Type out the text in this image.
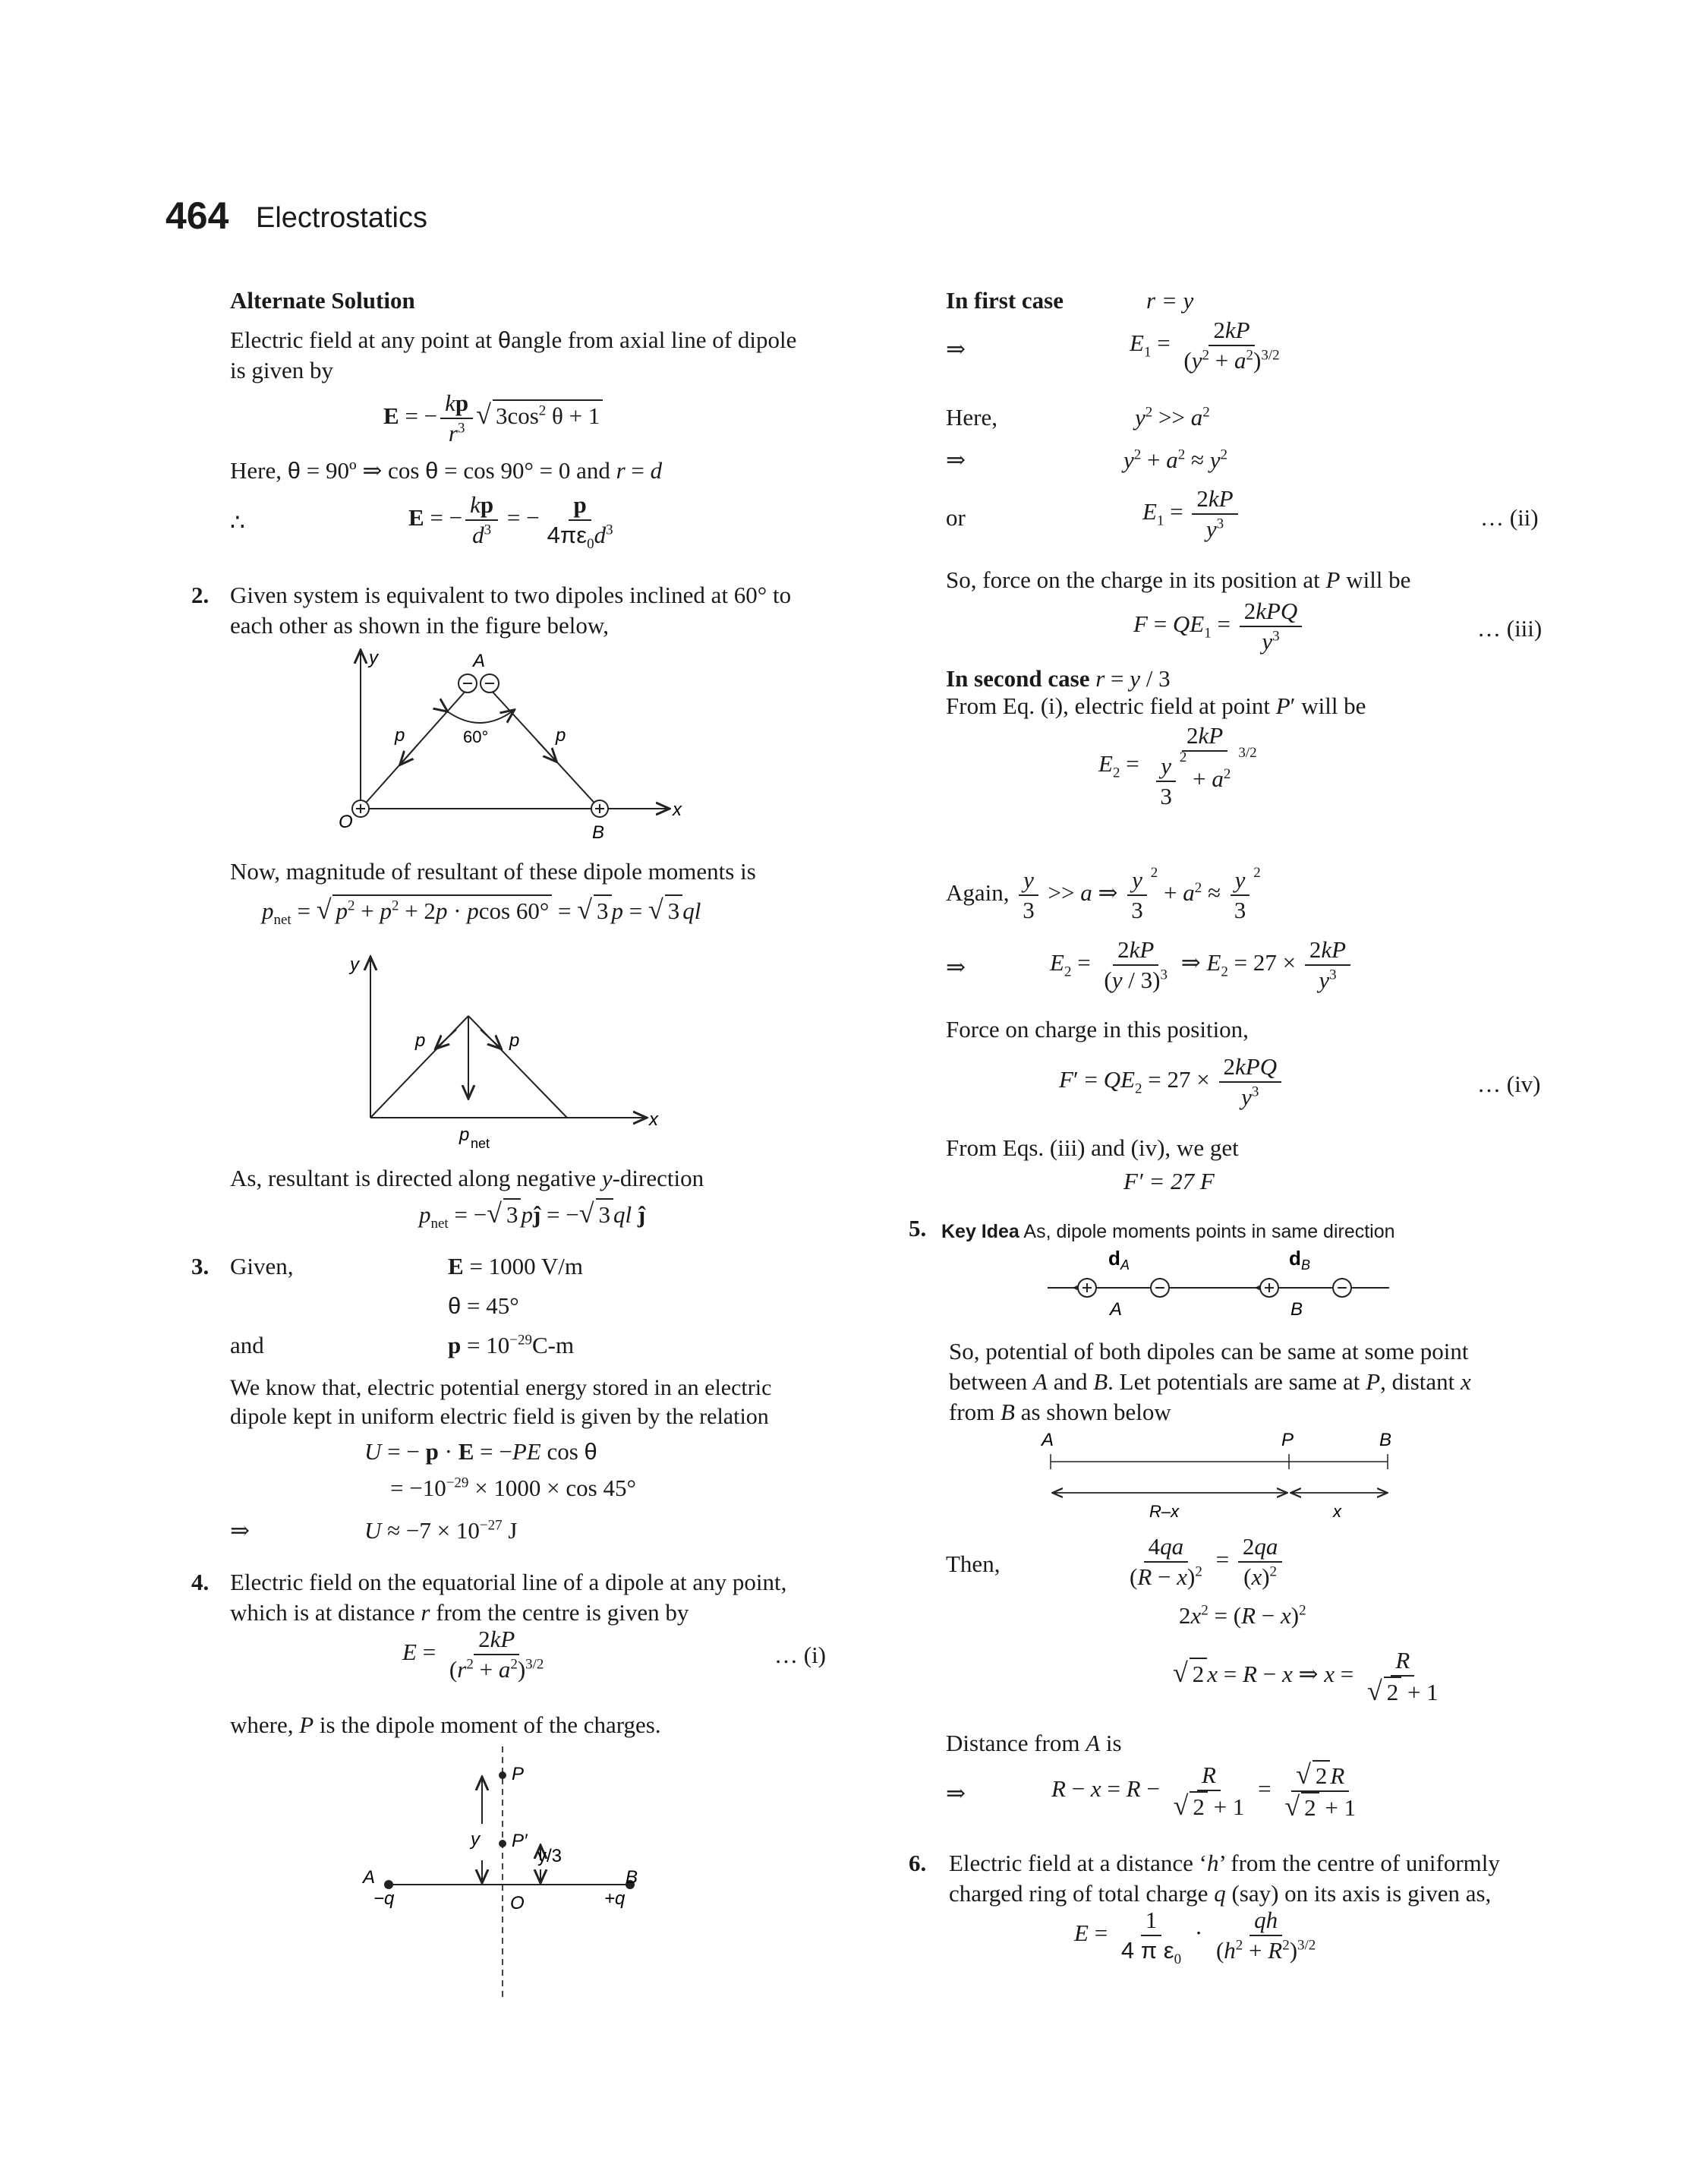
464 Electrostatics
Alternate Solution
Electric field at any point at θangle from axial line of dipole
is given by
E = − $\frac{kp}{r^3}$ √ $3\cos^2$ θ + 1
Here, θ = 90º ⇒ cos θ = cos 90° = 0 and r = d
∴	E = − $\frac{kp}{d^3}$ = − $\frac{p}{4\pi\varepsilon_0d^3}$
2. Given system is equivalent to two dipoles inclined at 60° to
each other as shown in the figure below,
y
x
A
60°
p	p
O
B
Now, magnitude of resultant of these dipole moments is
$p_{net}$ = √ $p^2 + p^2 + 2p \cdot pcos$ 60° = √ 3 p = √ 3 ql
y
x
p	p
p net
As, resultant is directed along negative y-direction
$p_{net}$ = −√ 3 pĵ = −√ 3 ql ĵ
3. Given,	E = 1000 V/m
θ = 45°
and	$p = 10^{-29}C-m$
We know that, electric potential energy stored in an electric
dipole kept in uniform electric field is given by the relation
U = − p · E = −PE cos θ
= $-10^{-29} \times 1000 \times \cos 45^\circ$
⇒	$U \approx -7 \times 10^{-27}$ J
4. Electric field on the equatorial line of a dipole at any point,
which is at distance r from the centre is given by
$E = \frac{2kP}{(r^2 + a^2)^{3/2}}$	… (i)
where, P is the dipole moment of the charges.
P
y P′
y/3
A
−q	O
B
+q
In first case	r = y
⇒	$E_1 = \frac{2kP}{(y^2 + a^2)^{3/2}}$
Here,	$y^2 >> a^2$
⇒	$y^2 + a^2 \approx y^2$
or	$E_1 = \frac{2kP}{y^3}$	… (ii)
So, force on the charge in its position at P will be
$F = QE_1 = \frac{\text{2kPQ}}{y^3}$	… (iii)
In second case r = y / 3
From Eq. (i), electric field at point P′ will be
$E_2 = \frac{2kP}{\frac{y}{3} ^2 + a^{23/2}}$
Again, $\frac{y}{3} >> a$ ⇒ $\frac{y}{3} ^2 + a^2 \approx \frac{y}{3} ^2$
⇒	$E_2 = \frac{2kP}{(y / 3)^3}$ ⇒ $E_2 = 27 \times \frac{2kP}{y^3}$
Force on charge in this position,
$F' = QE_2 = 27 \times \frac{\text{2kPQ}}{y^3}$	… (iv)
From Eqs. (iii) and (iv), we get
F′ = 27 F
5. Key Idea As, dipole moments points in same direction
d A	d B
A	B
So, potential of both dipoles can be same at some point
between A and B. Let potentials are same at P, distant x
from B as shown below
A	P	B
R–x	x
Then,	$\frac{4qa}{(R - x)^2} = \frac{2qa}{(x)^2}$
$2x^2 = (R - x)^2$
√ 2 x = R − x ⇒ $x = \frac{R}{√ 2 + 1}$
Distance from A is
⇒	$R - x = R - \frac{R}{√ 2 + 1} = \frac{√ 2 R}{√ 2 + 1}$
6. Electric field at a distance ‘h’ from the centre of uniformly
charged ring of total charge q (say) on its axis is given as,
$E = \frac{1}{4 \pi \varepsilon_0} \cdot \frac{qh}{(h^2 + R^2)^{3/2}}$
